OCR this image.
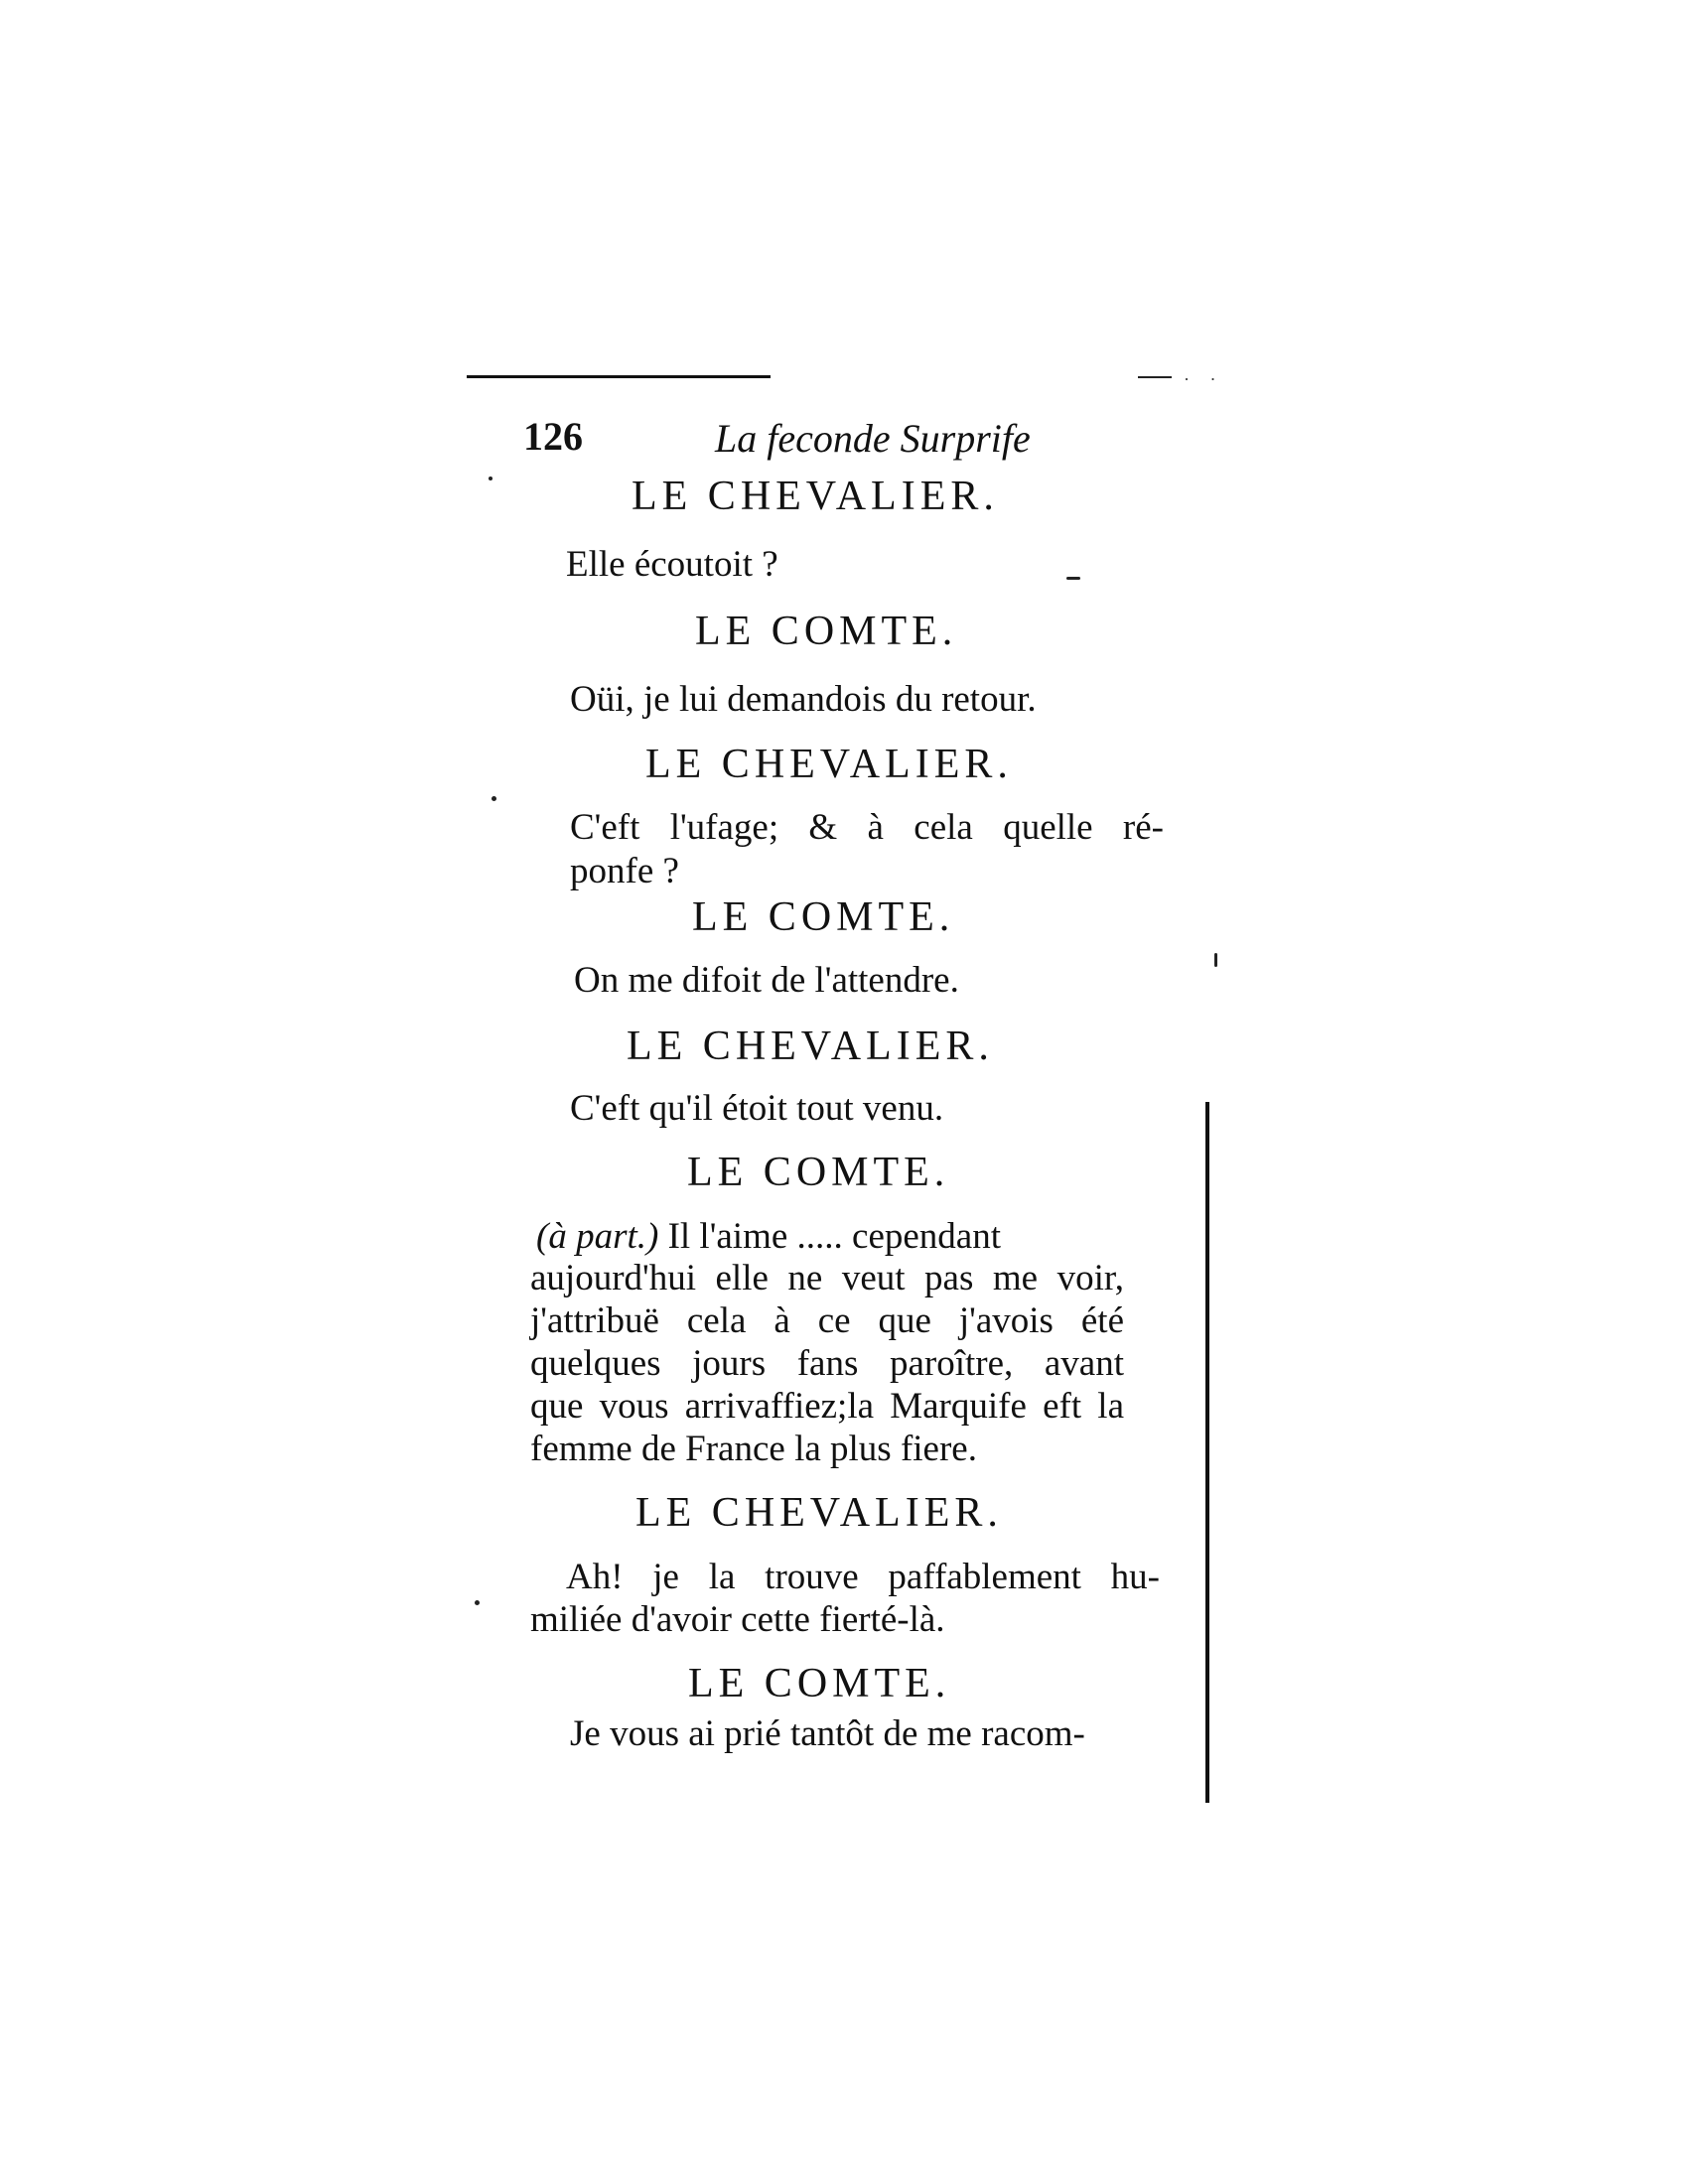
· ·
126	La feconde Surprife
LE CHEVALIER.
Elle écoutoit ?
LE COMTE.
Oüi, je lui demandois du retour.
LE CHEVALIER.
C'eft l'ufage; & à cela quelle ré-
ponfe ?
LE COMTE.
On me difoit de l'attendre.
LE CHEVALIER.
C'eft qu'il étoit tout venu.
LE COMTE.
(à part.) Il l'aime ..... cependant
aujourd'hui elle ne veut pas me voir,
j'attribuë cela à ce que j'avois été
quelques jours fans paroître, avant
que vous arrivaffiez;la Marquife eft la
femme de France la plus fiere.
LE CHEVALIER.
Ah! je la trouve paffablement hu-
miliée d'avoir cette fierté-là.
LE COMTE.
Je vous ai prié tantôt de me racom-
